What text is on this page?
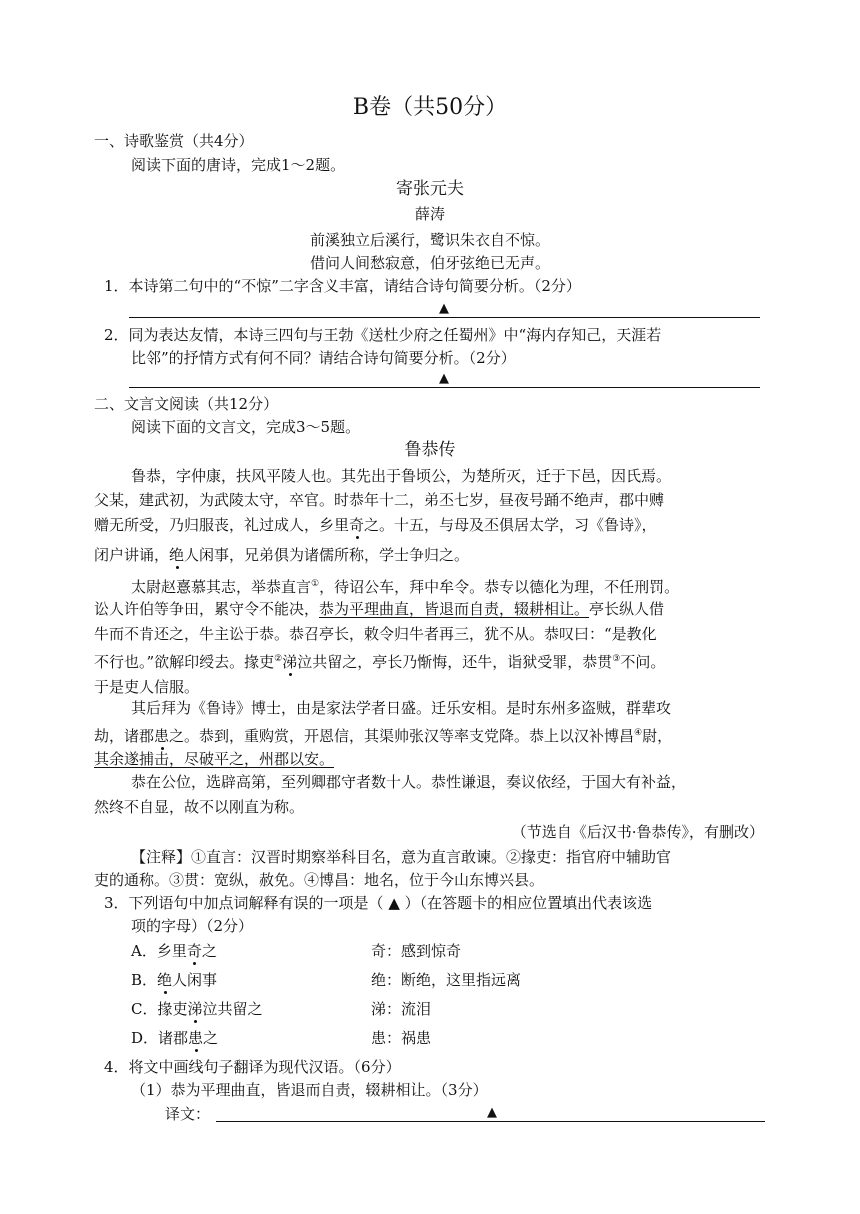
B卷（共50分）
一、诗歌鉴赏（共4分）
阅读下面的唐诗，完成1～2题。
寄张元夫
薛涛
前溪独立后溪行，鹭识朱衣自不惊。
借问人间愁寂意，伯牙弦绝已无声。
1．本诗第二句中的“不惊”二字含义丰富，请结合诗句简要分析。（2分）
▲
2．同为表达友情，本诗三四句与王勃《送杜少府之任蜀州》中“海内存知己，天涯若
比邻”的抒情方式有何不同？请结合诗句简要分析。（2分）
▲
二、文言文阅读（共12分）
阅读下面的文言文，完成3～5题。
鲁恭传
鲁恭，字仲康，扶风平陵人也。其先出于鲁顷公，为楚所灭，迁于下邑，因氏焉。
父某，建武初，为武陵太守，卒官。时恭年十二，弟丕七岁，昼夜号踊不绝声，郡中赙
赠无所受，乃归服丧，礼过成人，乡里奇之。十五，与母及丕俱居太学，习《鲁诗》，
闭户讲诵，绝人闲事，兄弟俱为诸儒所称，学士争归之。
太尉赵憙慕其志，举恭直言①，待诏公车，拜中牟令。恭专以德化为理，不任刑罚。
讼人许伯等争田，累守令不能决，恭为平理曲直，皆退而自责，辍耕相让。亭长纵人借
牛而不肯还之，牛主讼于恭。恭召亭长，敕令归牛者再三，犹不从。恭叹曰：“是教化
不行也。”欲解印绶去。掾吏②涕泣共留之，亭长乃惭悔，还牛，诣狱受罪，恭贯③不问。
于是吏人信服。
其后拜为《鲁诗》博士，由是家法学者日盛。迁乐安相。是时东州多盗贼，群辈攻
劫，诸郡患之。恭到，重购赏，开恩信，其渠帅张汉等率支党降。恭上以汉补博昌④尉，
其余遂捕击，尽破平之，州郡以安。
恭在公位，选辟高第，至列卿郡守者数十人。恭性谦退，奏议依经，于国大有补益，
然终不自显，故不以刚直为称。
（节选自《后汉书·鲁恭传》，有删改）
【注释】①直言：汉晋时期察举科目名，意为直言敢谏。②掾吏：指官府中辅助官
吏的通称。③贯：宽纵，赦免。④博昌：地名，位于今山东博兴县。
3．下列语句中加点词解释有误的一项是（ ▲ ）（在答题卡的相应位置填出代表该选
项的字母）（2分）
A．乡里奇之	奇：感到惊奇
B．绝人闲事	绝：断绝，这里指远离
C．掾吏涕泣共留之	涕：流泪
D．诸郡患之	患：祸患
4．将文中画线句子翻译为现代汉语。（6分）
（1）恭为平理曲直，皆退而自责，辍耕相让。（3分）
译文：	▲
